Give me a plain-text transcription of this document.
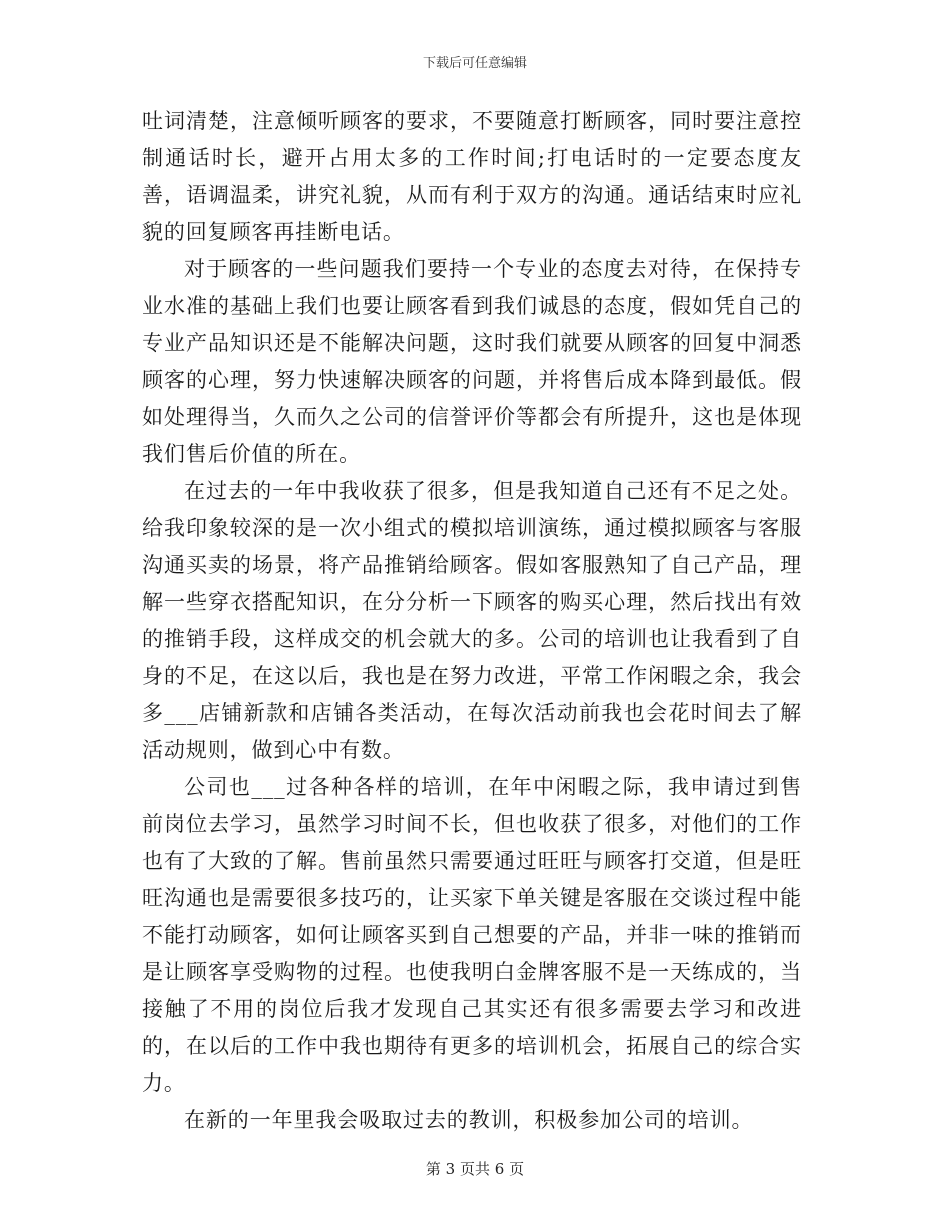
下载后可任意编辑

吐词清楚，注意倾听顾客的要求，不要随意打断顾客，同时要注意控制通话时长，避开占用太多的工作时间;打电话时的一定要态度友善，语调温柔，讲究礼貌，从而有利于双方的沟通。通话结束时应礼貌的回复顾客再挂断电话。

对于顾客的一些问题我们要持一个专业的态度去对待，在保持专业水准的基础上我们也要让顾客看到我们诚恳的态度，假如凭自己的专业产品知识还是不能解决问题，这时我们就要从顾客的回复中洞悉顾客的心理，努力快速解决顾客的问题，并将售后成本降到最低。假如处理得当，久而久之公司的信誉评价等都会有所提升，这也是体现我们售后价值的所在。

在过去的一年中我收获了很多，但是我知道自己还有不足之处。给我印象较深的是一次小组式的模拟培训演练，通过模拟顾客与客服沟通买卖的场景，将产品推销给顾客。假如客服熟知了自己产品，理解一些穿衣搭配知识，在分分析一下顾客的购买心理，然后找出有效的推销手段，这样成交的机会就大的多。公司的培训也让我看到了自身的不足，在这以后，我也是在努力改进，平常工作闲暇之余，我会多___店铺新款和店铺各类活动，在每次活动前我也会花时间去了解活动规则，做到心中有数。

公司也___过各种各样的培训，在年中闲暇之际，我申请过到售前岗位去学习，虽然学习时间不长，但也收获了很多，对他们的工作也有了大致的了解。售前虽然只需要通过旺旺与顾客打交道，但是旺旺沟通也是需要很多技巧的，让买家下单关键是客服在交谈过程中能不能打动顾客，如何让顾客买到自己想要的产品，并非一味的推销而是让顾客享受购物的过程。也使我明白金牌客服不是一天练成的，当接触了不用的岗位后我才发现自己其实还有很多需要去学习和改进的，在以后的工作中我也期待有更多的培训机会，拓展自己的综合实力。

在新的一年里我会吸取过去的教训，积极参加公司的培训。

第 3 页共 6 页
